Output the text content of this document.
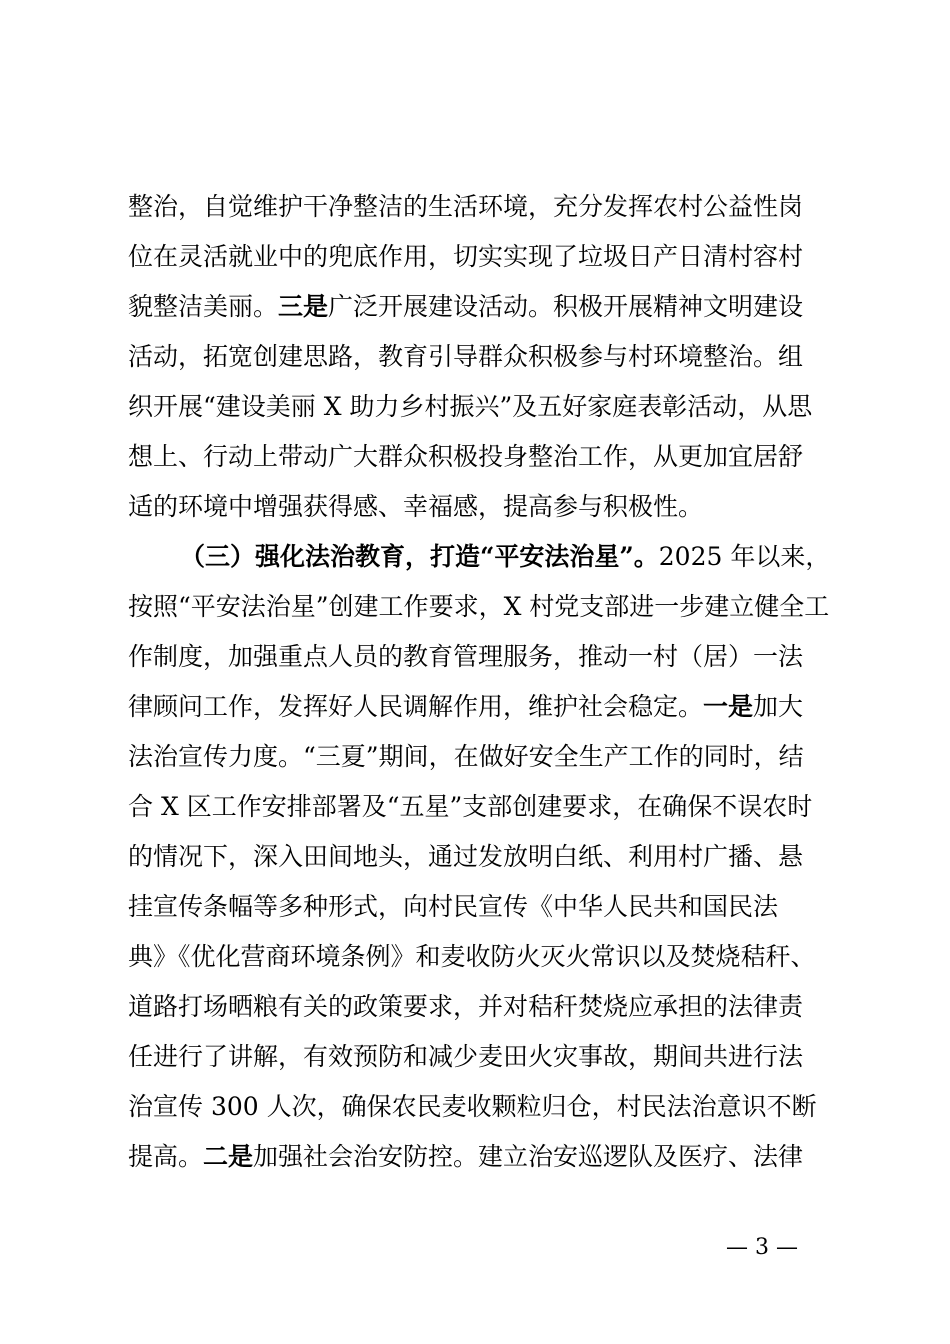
整治，自觉维护干净整洁的生活环境，充分发挥农村公益性岗
位在灵活就业中的兜底作用，切实实现了垃圾日产日清村容村
貌整洁美丽。三是广泛开展建设活动。积极开展精神文明建设
活动，拓宽创建思路，教育引导群众积极参与村环境整治。组
织开展“建设美丽 X 助力乡村振兴”及五好家庭表彰活动，从思
想上、行动上带动广大群众积极投身整治工作，从更加宜居舒
适的环境中增强获得感、幸福感，提高参与积极性。
（三）强化法治教育，打造“平安法治星”。2025 年以来，
按照“平安法治星”创建工作要求，X 村党支部进一步建立健全工
作制度，加强重点人员的教育管理服务，推动一村（居）一法
律顾问工作，发挥好人民调解作用，维护社会稳定。一是加大
法治宣传力度。“三夏”期间，在做好安全生产工作的同时，结
合 X 区工作安排部署及“五星”支部创建要求，在确保不误农时
的情况下，深入田间地头，通过发放明白纸、利用村广播、悬
挂宣传条幅等多种形式，向村民宣传《中华人民共和国民法
典》《优化营商环境条例》和麦收防火灭火常识以及焚烧秸秆、
道路打场晒粮有关的政策要求，并对秸秆焚烧应承担的法律责
任进行了讲解，有效预防和减少麦田火灾事故，期间共进行法
治宣传 300 人次，确保农民麦收颗粒归仓，村民法治意识不断
提高。二是加强社会治安防控。建立治安巡逻队及医疗、法律
— 3 —
